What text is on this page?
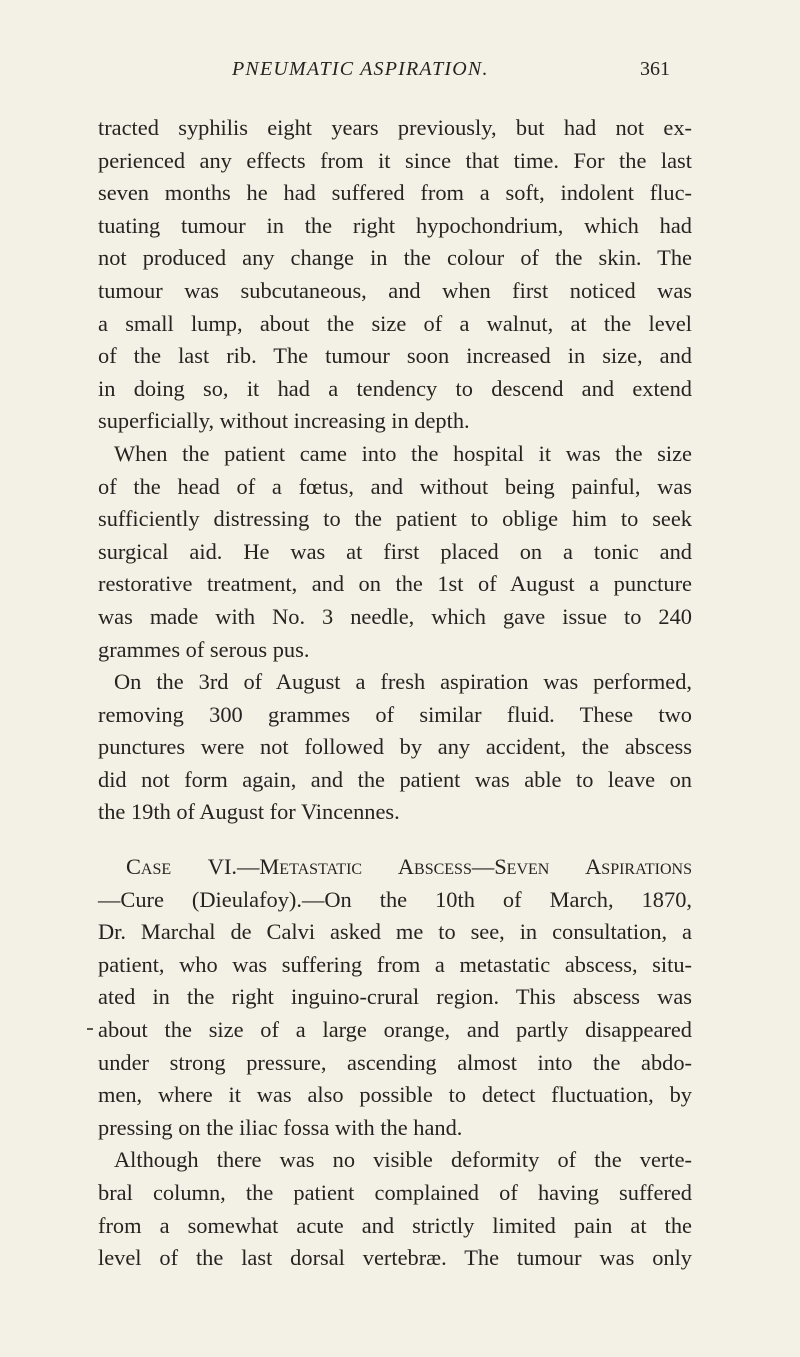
PNEUMATIC ASPIRATION.	361
tracted syphilis eight years previously, but had not ex-
perienced any effects from it since that time. For the last
seven months he had suffered from a soft, indolent fluc-
tuating tumour in the right hypochondrium, which had
not produced any change in the colour of the skin. The
tumour was subcutaneous, and when first noticed was
a small lump, about the size of a walnut, at the level
of the last rib. The tumour soon increased in size, and
in doing so, it had a tendency to descend and extend
superficially, without increasing in depth.
When the patient came into the hospital it was the size
of the head of a fœtus, and without being painful, was
sufficiently distressing to the patient to oblige him to seek
surgical aid. He was at first placed on a tonic and
restorative treatment, and on the 1st of August a puncture
was made with No. 3 needle, which gave issue to 240
grammes of serous pus.
On the 3rd of August a fresh aspiration was performed,
removing 300 grammes of similar fluid. These two
punctures were not followed by any accident, the abscess
did not form again, and the patient was able to leave on
the 19th of August for Vincennes.
Case VI.—Metastatic Abscess—Seven Aspirations
—Cure (Dieulafoy).—On the 10th of March, 1870,
Dr. Marchal de Calvi asked me to see, in consultation, a
patient, who was suffering from a metastatic abscess, situ-
ated in the right inguino-crural region. This abscess was
about the size of a large orange, and partly disappeared
under strong pressure, ascending almost into the abdo-
men, where it was also possible to detect fluctuation, by
pressing on the iliac fossa with the hand.
Although there was no visible deformity of the verte-
bral column, the patient complained of having suffered
from a somewhat acute and strictly limited pain at the
level of the last dorsal vertebræ. The tumour was only
